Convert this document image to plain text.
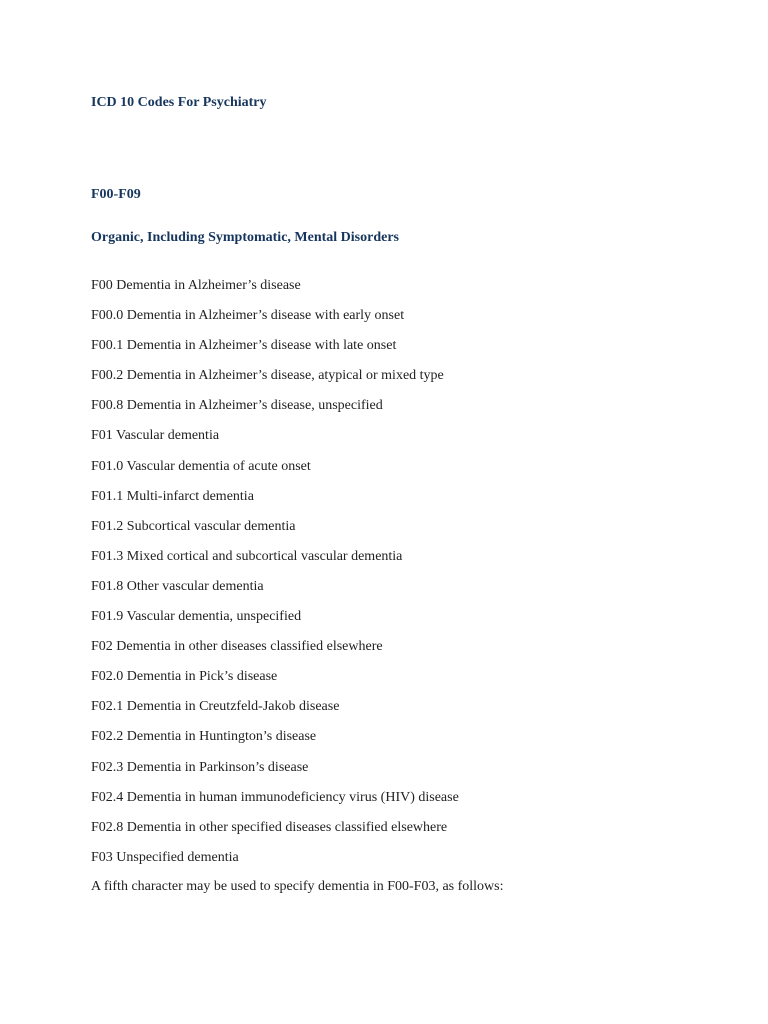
ICD 10 Codes For Psychiatry
F00-F09
Organic, Including Symptomatic, Mental Disorders
F00 Dementia in Alzheimer’s disease
F00.0 Dementia in Alzheimer’s disease with early onset
F00.1 Dementia in Alzheimer’s disease with late onset
F00.2 Dementia in Alzheimer’s disease, atypical or mixed type
F00.8 Dementia in Alzheimer’s disease, unspecified
F01 Vascular dementia
F01.0 Vascular dementia of acute onset
F01.1 Multi-infarct dementia
F01.2 Subcortical vascular dementia
F01.3 Mixed cortical and subcortical vascular dementia
F01.8 Other vascular dementia
F01.9 Vascular dementia, unspecified
F02 Dementia in other diseases classified elsewhere
F02.0 Dementia in Pick’s disease
F02.1 Dementia in Creutzfeld-Jakob disease
F02.2 Dementia in Huntington’s disease
F02.3 Dementia in Parkinson’s disease
F02.4 Dementia in human immunodeficiency virus (HIV) disease
F02.8 Dementia in other specified diseases classified elsewhere
F03 Unspecified dementia
A fifth character may be used to specify dementia in F00-F03, as follows:
